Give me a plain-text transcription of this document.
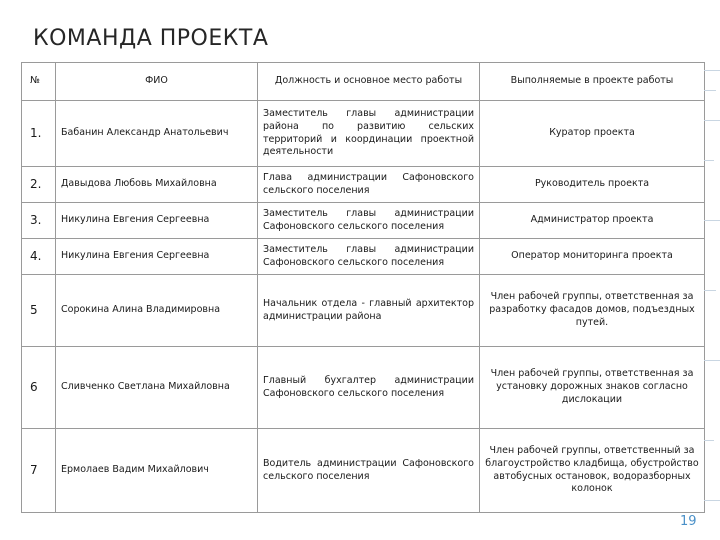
КОМАНДА ПРОЕКТА
№	ФИО	Должность и основное место работы	Выполняемые в проекте работы
1.	Бабанин Александр Анатольевич	Заместитель главы администрации района по развитию сельских территорий и координации проектной деятельности	Куратор проекта
2.	Давыдова Любовь Михайловна	Глава администрации Сафоновского сельского поселения	Руководитель проекта
3.	Никулина Евгения Сергеевна	Заместитель главы администрации Сафоновского сельского поселения	Администратор проекта
4.	Никулина Евгения Сергеевна	Заместитель главы администрации Сафоновского сельского поселения	Оператор мониторинга проекта
5	Сорокина Алина Владимировна	Начальник отдела - главный архитектор администрации района	Член рабочей группы, ответственная за разработку фасадов домов, подъездных путей.
6	Сливченко Светлана Михайловна	Главный бухгалтер администрации Сафоновского сельского поселения	Член рабочей группы, ответственная за установку дорожных знаков согласно дислокации
7	Ермолаев Вадим Михайлович	Водитель администрации Сафоновского сельского поселения	Член рабочей группы, ответственный за благоустройство кладбища, обустройство автобусных остановок, водоразборных колонок
19
